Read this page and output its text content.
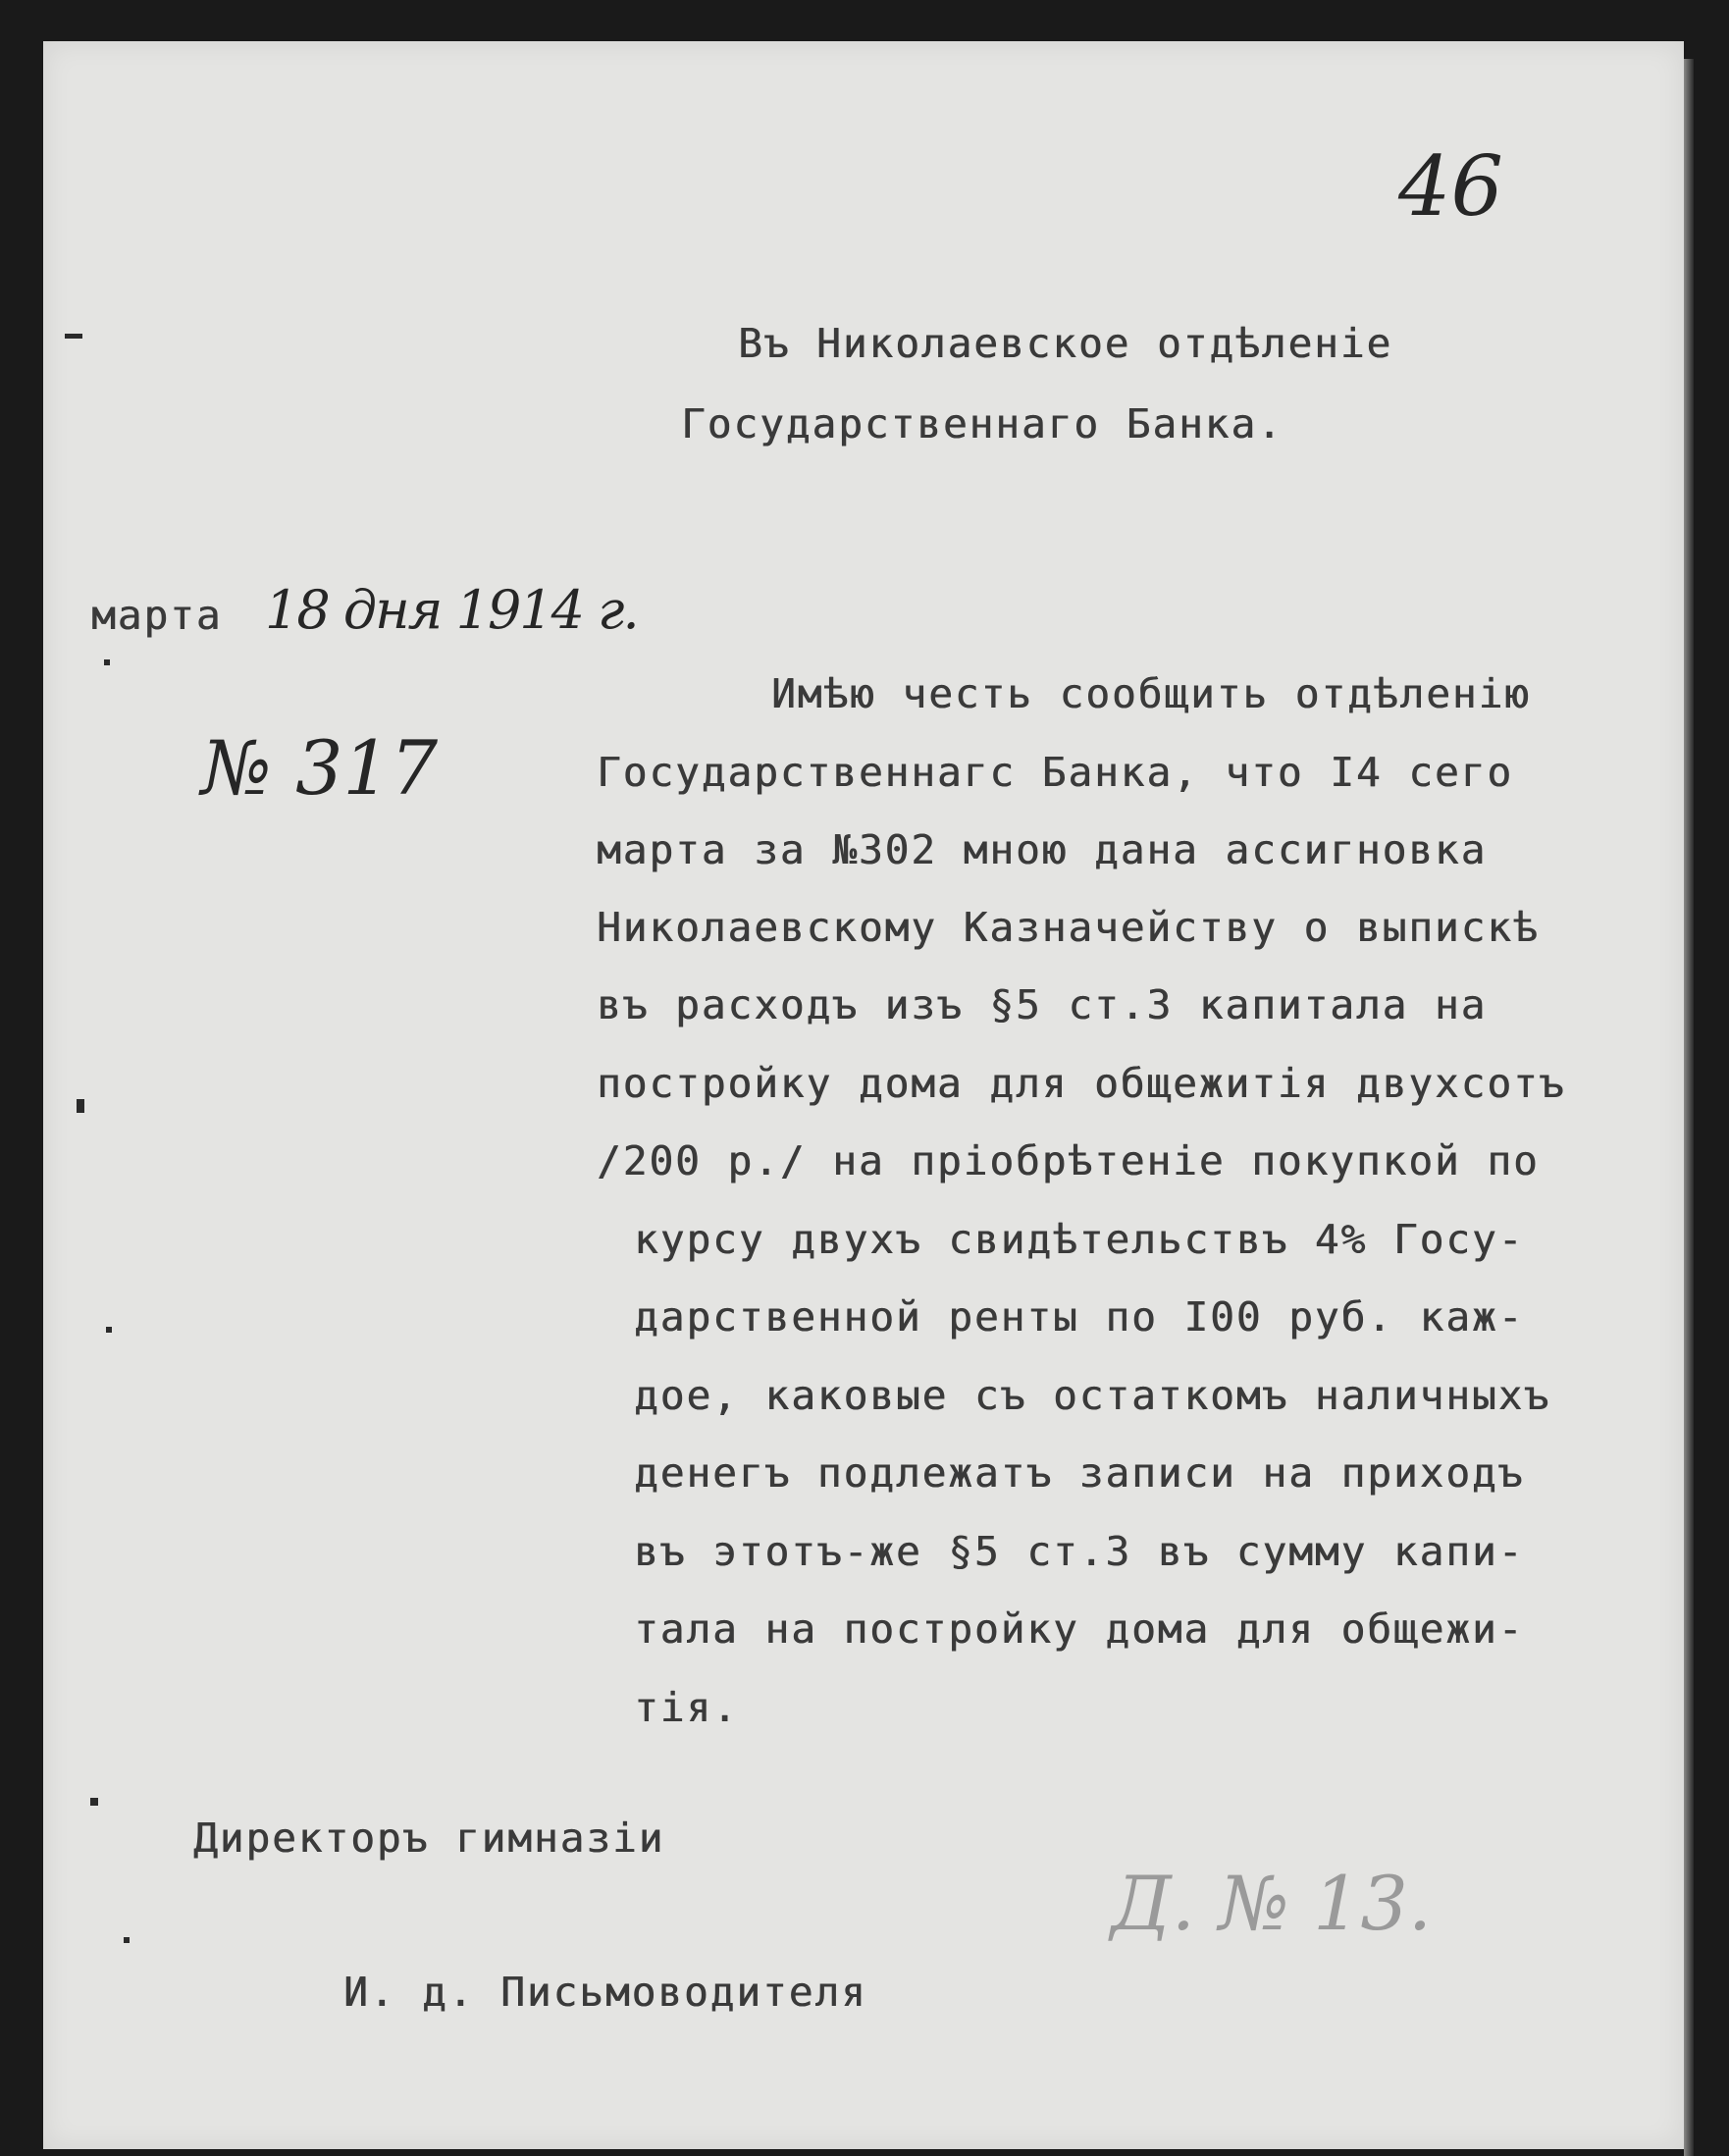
46
Въ Николаевское отдѣленіе
Государственнаго Банка.
марта 18 дня 1914 г.
№ 317
Имѣю честь сообщить отдѣленію
Государственнагс Банка, что I4 сего
марта за №302 мною дана ассигновка
Николаевскому Казначейству о выпискѣ
въ расходъ изъ §5 ст.3 капитала на
постройку дома для общежитія двухсотъ
/200 р./ на пріобрѣтеніе покупкой по
курсу двухъ свидѣтельствъ 4% Госу-
дарственной ренты по I00 руб. каж-
дое, каковые съ остаткомъ наличныхъ
денегъ подлежатъ записи на приходъ
въ этотъ-же §5 ст.3 въ сумму капи-
тала на постройку дома для общежи-
тія.
Директоръ гимназіи
Д. № 13.
И. д. Письмоводителя
